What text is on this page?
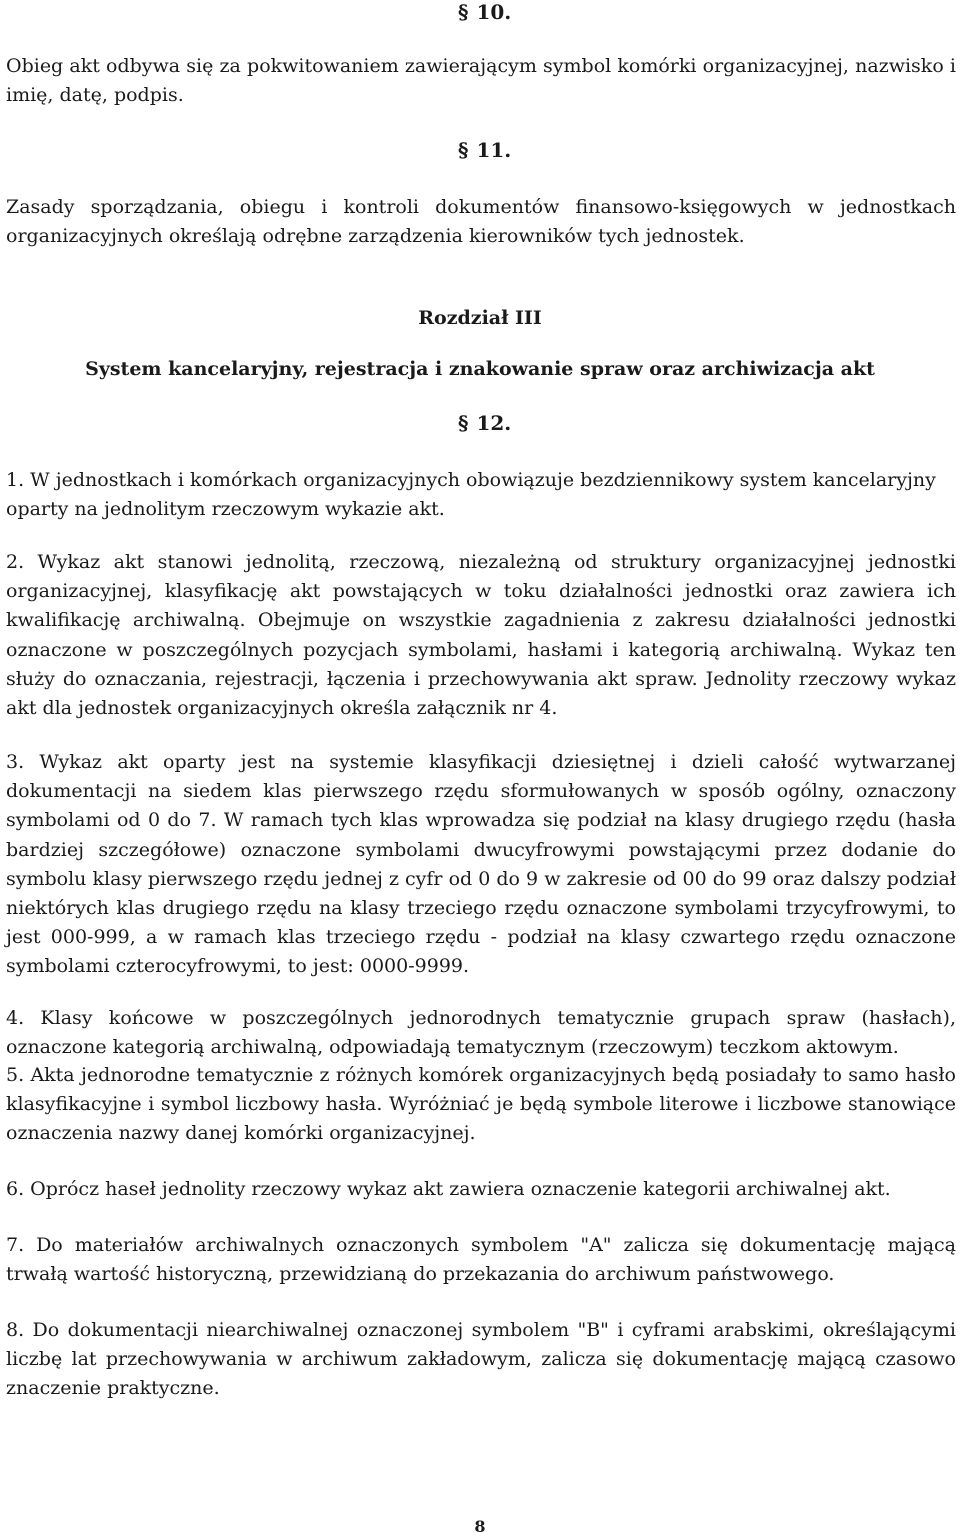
§ 10.
Obieg akt odbywa się za pokwitowaniem zawierającym symbol komórki organizacyjnej, nazwisko i imię, datę, podpis.
§ 11.
Zasady sporządzania, obiegu i kontroli dokumentów finansowo-księgowych w jednostkach organizacyjnych określają odrębne zarządzenia kierowników tych jednostek.
Rozdział III
System kancelaryjny, rejestracja i znakowanie spraw oraz archiwizacja akt
§ 12.
1. W jednostkach i komórkach organizacyjnych obowiązuje bezdziennikowy system kancelaryjny oparty na jednolitym rzeczowym wykazie akt.
2. Wykaz akt stanowi jednolitą, rzeczową, niezależną od struktury organizacyjnej jednostki organizacyjnej, klasyfikację akt powstających w toku działalności jednostki oraz zawiera ich kwalifikację archiwalną. Obejmuje on wszystkie zagadnienia z zakresu działalności jednostki oznaczone w poszczególnych pozycjach symbolami, hasłami i kategorią archiwalną. Wykaz ten służy do oznaczania, rejestracji, łączenia i przechowywania akt spraw. Jednolity rzeczowy wykaz akt dla jednostek organizacyjnych określa załącznik nr 4.
3. Wykaz akt oparty jest na systemie klasyfikacji dziesiętnej i dzieli całość wytwarzanej dokumentacji na siedem klas pierwszego rzędu sformułowanych w sposób ogólny, oznaczony symbolami od 0 do 7. W ramach tych klas wprowadza się podział na klasy drugiego rzędu (hasła bardziej szczegółowe) oznaczone symbolami dwucyfrowymi powstającymi przez dodanie do symbolu klasy pierwszego rzędu jednej z cyfr od 0 do 9 w zakresie od 00 do 99 oraz dalszy podział niektórych klas drugiego rzędu na klasy trzeciego rzędu oznaczone symbolami trzycyfrowymi, to jest 000-999, a w ramach klas trzeciego rzędu - podział na klasy czwartego rzędu oznaczone symbolami czterocyfrowymi, to jest: 0000-9999.
4. Klasy końcowe w poszczególnych jednorodnych tematycznie grupach spraw (hasłach), oznaczone kategorią archiwalną, odpowiadają tematycznym (rzeczowym) teczkom aktowym.
5. Akta jednorodne tematycznie z różnych komórek organizacyjnych będą posiadały to samo hasło klasyfikacyjne i symbol liczbowy hasła. Wyróżniać je będą symbole literowe i liczbowe stanowiące oznaczenia nazwy danej komórki organizacyjnej.
6. Oprócz haseł jednolity rzeczowy wykaz akt zawiera oznaczenie kategorii archiwalnej akt.
7. Do materiałów archiwalnych oznaczonych symbolem "A" zalicza się dokumentację mającą trwałą wartość historyczną, przewidzianą do przekazania do archiwum państwowego.
8. Do dokumentacji niearchiwalnej oznaczonej symbolem "B" i cyframi arabskimi, określającymi liczbę lat przechowywania w archiwum zakładowym, zalicza się dokumentację mającą czasowo znaczenie praktyczne.
8
